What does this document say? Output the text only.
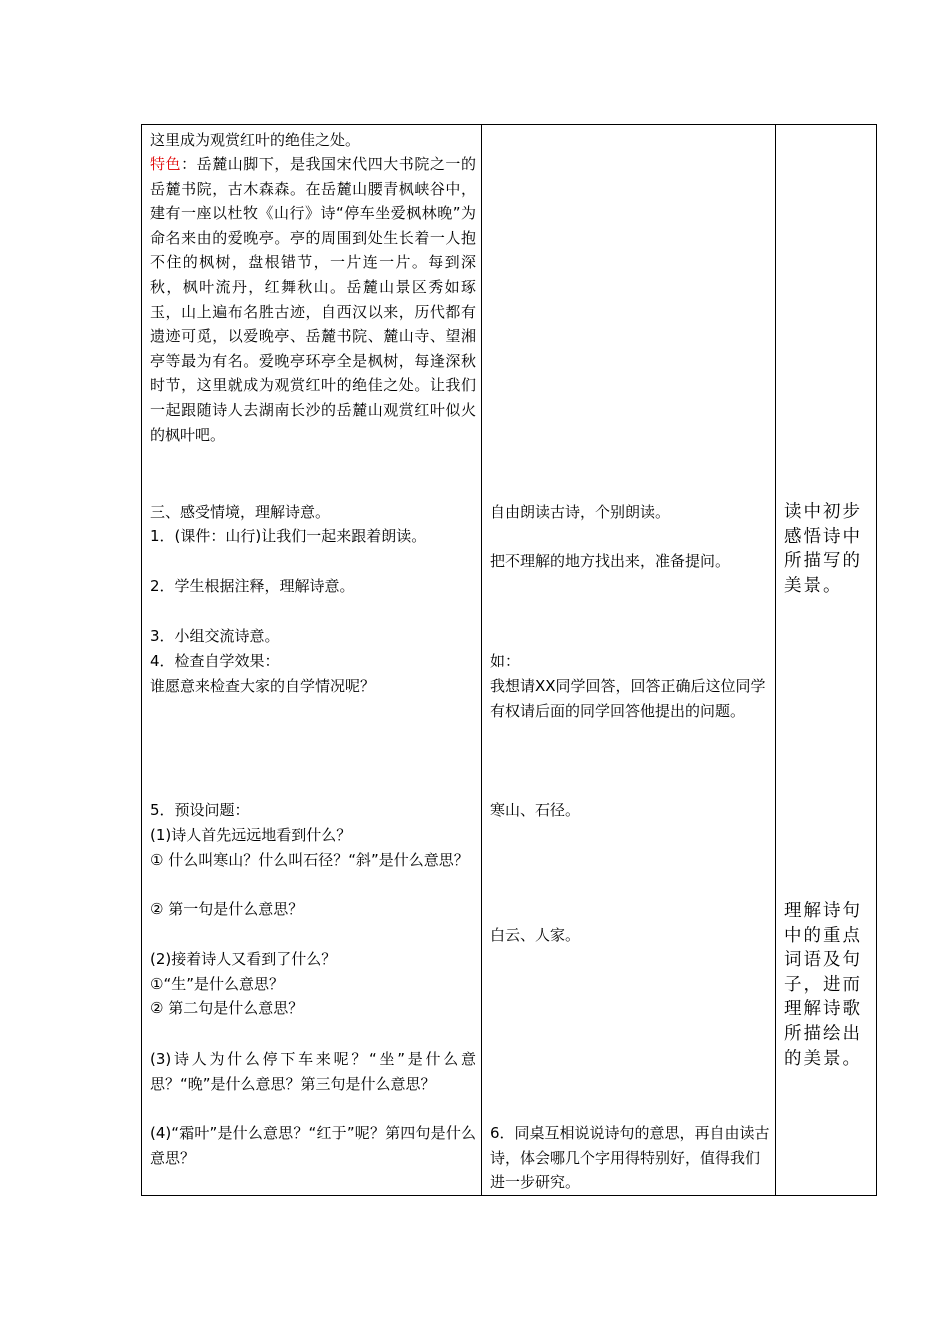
这里成为观赏红叶的绝佳之处。
特色：岳麓山脚下，是我国宋代四大书院之一的岳麓书院，古木森森。在岳麓山腰青枫峡谷中，建有一座以杜牧《山行》诗“停车坐爱枫林晚”为命名来由的爱晚亭。亭的周围到处生长着一人抱不住的枫树，盘根错节，一片连一片。每到深秋，枫叶流丹，红舞秋山。岳麓山景区秀如琢玉，山上遍布名胜古迹，自西汉以来，历代都有遗迹可觅，以爱晚亭、岳麓书院、麓山寺、望湘亭等最为有名。爱晚亭环亭全是枫树，每逢深秋时节，这里就成为观赏红叶的绝佳之处。让我们一起跟随诗人去湖南长沙的岳麓山观赏红叶似火的枫叶吧。
三、感受情境，理解诗意。
1．(课件：山行)让我们一起来跟着朗读。
2．学生根据注释，理解诗意。
3．小组交流诗意。
4．检查自学效果：
谁愿意来检查大家的自学情况呢？
5．预设问题：
(1)诗人首先远远地看到什么？
① 什么叫寒山？什么叫石径？“斜”是什么意思？
② 第一句是什么意思？
(2)接着诗人又看到了什么？
①“生”是什么意思？
② 第二句是什么意思？
(3)诗人为什么停下车来呢？“坐”是什么意思？“晚”是什么意思？第三句是什么意思？
(4)“霜叶”是什么意思？“红于”呢？第四句是什么意思？
自由朗读古诗，个别朗读。
把不理解的地方找出来，准备提问。
如：
我想请XX同学回答，回答正确后这位同学有权请后面的同学回答他提出的问题。
寒山、石径。
白云、人家。
6．同桌互相说说诗句的意思，再自由读古诗，体会哪几个字用得特别好，值得我们进一步研究。
读中初步感悟诗中所描写的美景。
理解诗句中的重点词语及句子，进而理解诗歌所描绘出的美景。
